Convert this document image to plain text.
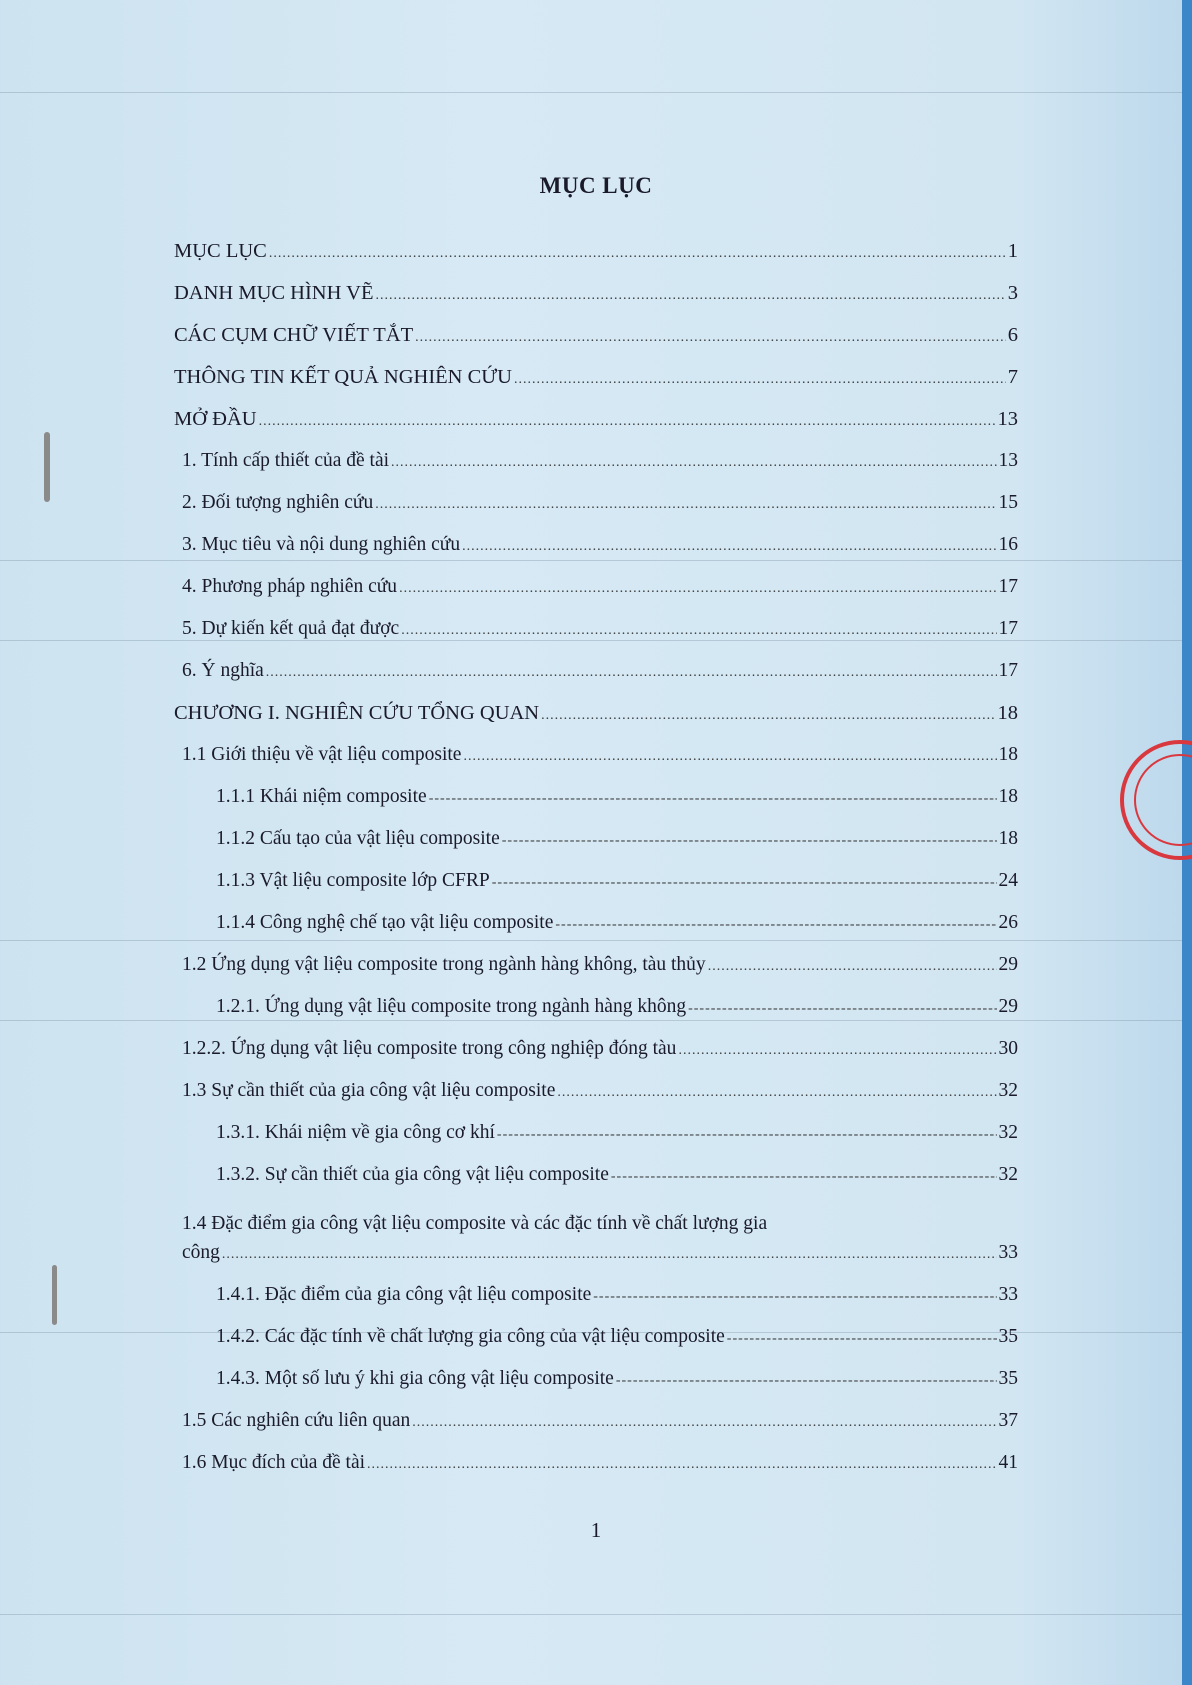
MỤC LỤC
MỤC LỤC .....	1
DANH MỤC HÌNH VẼ .....	3
CÁC CỤM CHỮ VIẾT TẮT .....	6
THÔNG TIN KẾT QUẢ NGHIÊN CỨU .....	7
MỞ ĐẦU .....	13
1. Tính cấp thiết của đề tài .....	13
2. Đối tượng nghiên cứu .....	15
3. Mục tiêu và nội dung nghiên cứu .....	16
4. Phương pháp nghiên cứu .....	17
5. Dự kiến kết quả đạt được .....	17
6. Ý nghĩa .....	17
CHƯƠNG I. NGHIÊN CỨU TỔNG QUAN .....	18
1.1 Giới thiệu về vật liệu composite .....	18
1.1.1 Khái niệm composite -----	18
1.1.2 Cấu tạo của vật liệu composite -----	18
1.1.3 Vật liệu composite lớp CFRP -----	24
1.1.4 Công nghệ chế tạo vật liệu composite -----	26
1.2 Ứng dụng vật liệu composite trong ngành hàng không, tàu thủy .....	29
1.2.1. Ứng dụng vật liệu composite trong ngành hàng không -----	29
1.2.2. Ứng dụng vật liệu composite trong công nghiệp đóng tàu .....	30
1.3 Sự cần thiết của gia công vật liệu composite .....	32
1.3.1. Khái niệm về gia công cơ khí -----	32
1.3.2. Sự cần thiết của gia công vật liệu composite -----	32
1.4 Đặc điểm gia công vật liệu composite và các đặc tính về chất lượng gia
công .....	33
1.4.1. Đặc điểm của gia công vật liệu composite -----	33
1.4.2. Các đặc tính về chất lượng gia công của vật liệu composite -----	35
1.4.3. Một số lưu ý khi gia công vật liệu composite -----	35
1.5 Các nghiên cứu liên quan .....	37
1.6 Mục đích của đề tài .....	41
1
